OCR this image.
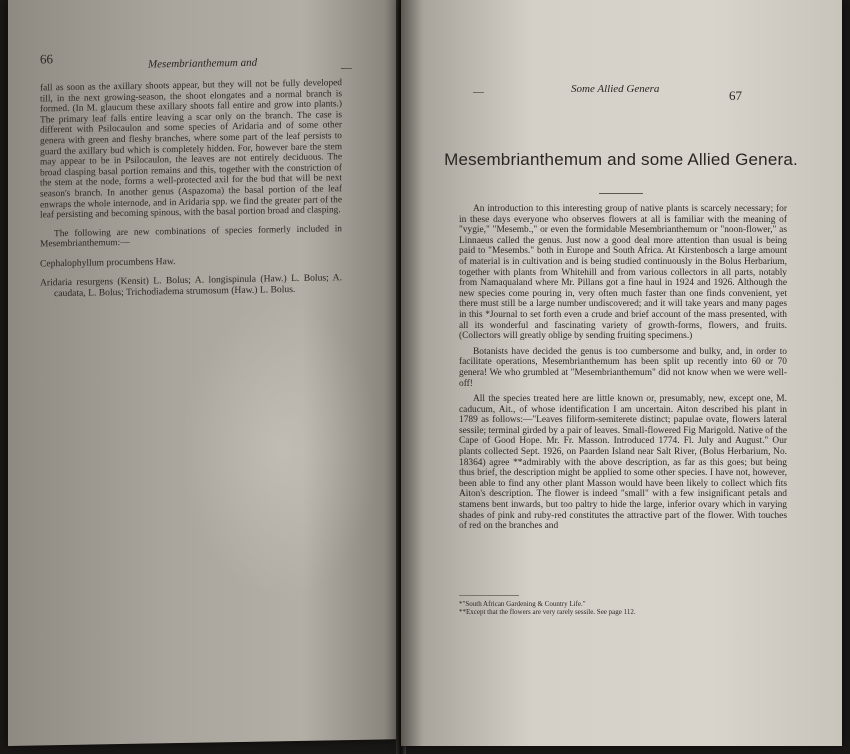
66	Mesembrianthemum and	—

fall as soon as the axillary shoots appear, but they will not be fully developed till, in the next growing-season, the shoot elongates and a normal branch is formed. (In M. glaucum these axillary shoots fall entire and grow into plants.) The primary leaf falls entire leaving a scar only on the branch. The case is different with Psilocaulon and some species of Aridaria and of some other genera with green and fleshy branches, where some part of the leaf persists to guard the axillary bud which is completely hidden. For, however bare the stem may appear to be in Psilocaulon, the leaves are not entirely deciduous. The broad clasping basal portion remains and this, together with the constriction of the stem at the node, forms a well-protected axil for the bud that will be next season's branch. In another genus (Aspazoma) the basal portion of the leaf enwraps the whole internode, and in Aridaria spp. we find the greater part of the leaf persisting and becoming spinous, with the basal portion broad and clasping.

The following are new combinations of species formerly included in Mesembrianthemum:—

Cephalophyllum procumbens Haw.
Aridaria resurgens (Kensit) L. Bolus; A. longispinula (Haw.) L. Bolus; A. caudata, L. Bolus; Trichodiadema strumosum (Haw.) L. Bolus.
—	Some Allied Genera	67
Mesembrianthemum and some Allied Genera.

An introduction to this interesting group of native plants is scarcely necessary; for in these days everyone who observes flowers at all is familiar with the meaning of "vygie," "Mesemb.," or even the formidable Mesembrianthemum or "noon-flower," as Linnaeus called the genus. Just now a good deal more attention than usual is being paid to "Mesembs." both in Europe and South Africa. At Kirstenbosch a large amount of material is in cultivation and is being studied continuously in the Bolus Herbarium, together with plants from Whitehill and from various collectors in all parts, notably from Namaqualand where Mr. Pillans got a fine haul in 1924 and 1926. Although the new species come pouring in, very often much faster than one finds convenient, yet there must still be a large number undiscovered; and it will take years and many pages in this *Journal to set forth even a crude and brief account of the mass presented, with all its wonderful and fascinating variety of growth-forms, flowers, and fruits. (Collectors will greatly oblige by sending fruiting specimens.)

Botanists have decided the genus is too cumbersome and bulky, and, in order to facilitate operations, Mesembrianthemum has been split up recently into 60 or 70 genera! We who grumbled at "Mesembrianthemum" did not know when we were well-off!

All the species treated here are little known or, presumably, new, except one, M. caducum, Ait., of whose identification I am uncertain. Aiton described his plant in 1789 as follows:—"Leaves filiform-semiterete distinct; papulae ovate, flowers lateral sessile; terminal girded by a pair of leaves. Small-flowered Fig Marigold. Native of the Cape of Good Hope. Mr. Fr. Masson. Introduced 1774. Fl. July and August." Our plants collected Sept. 1926, on Paarden Island near Salt River, (Bolus Herbarium, No. 18364) agree **admirably with the above description, as far as this goes; but being thus brief, the description might be applied to some other species. I have not, however, been able to find any other plant Masson would have been likely to collect which fits Aiton's description. The flower is indeed "small" with a few insignificant petals and stamens bent inwards, but too paltry to hide the large, inferior ovary which in varying shades of pink and ruby-red constitutes the attractive part of the flower. With touches of red on the branches and

*"South African Gardening & Country Life."
**Except that the flowers are very rarely sessile. See page 112.
